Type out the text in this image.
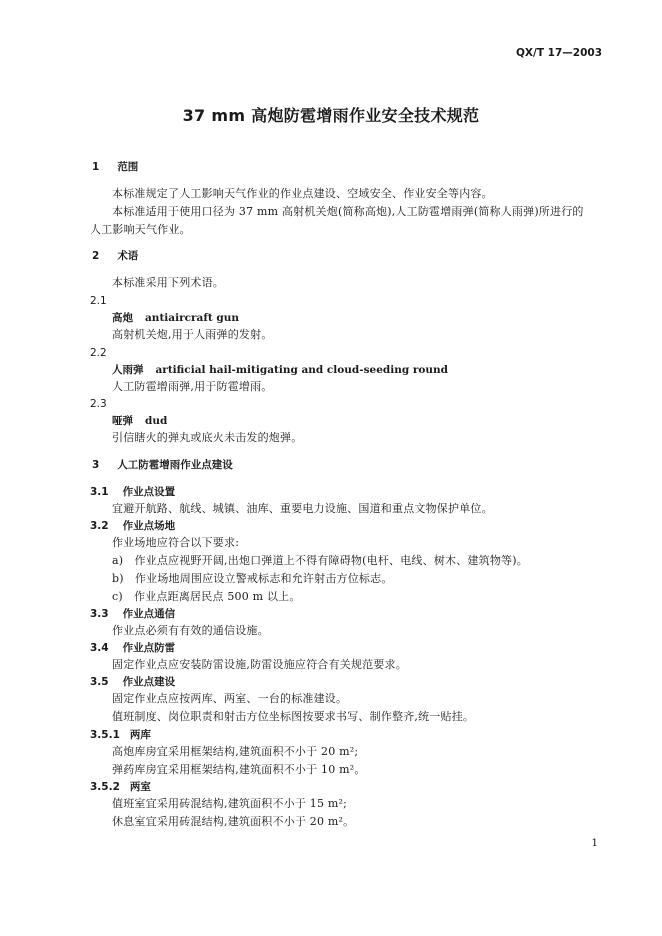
QX/T 17—2003
37 mm 高炮防雹增雨作业安全技术规范
1 范围
本标准规定了人工影响天气作业的作业点建设、空域安全、作业安全等内容。
本标准适用于使用口径为 37 mm 高射机关炮(简称高炮),人工防雹增雨弹(简称人雨弹)所进行的
人工影响天气作业。
2 术语
本标准采用下列术语。
2.1
高炮 antiaircraft gun
高射机关炮,用于人雨弹的发射。
2.2
人雨弹 artificial hail-mitigating and cloud-seeding round
人工防雹增雨弹,用于防雹增雨。
2.3
哑弹 dud
引信瞎火的弹丸或底火未击发的炮弹。
3 人工防雹增雨作业点建设
3.1 作业点设置
宜避开航路、航线、城镇、油库、重要电力设施、国道和重点文物保护单位。
3.2 作业点场地
作业场地应符合以下要求:
a)　作业点应视野开阔,出炮口弹道上不得有障碍物(电杆、电线、树木、建筑物等)。
b)　作业场地周围应设立警戒标志和允许射击方位标志。
c)　作业点距离居民点 500 m 以上。
3.3 作业点通信
作业点必须有有效的通信设施。
3.4 作业点防雷
固定作业点应安装防雷设施,防雷设施应符合有关规范要求。
3.5 作业点建设
固定作业点应按两库、两室、一台的标准建设。
值班制度、岗位职责和射击方位坐标图按要求书写、制作整齐,统一贴挂。
3.5.1 两库
高炮库房宜采用框架结构,建筑面积不小于 20 m²;
弹药库房宜采用框架结构,建筑面积不小于 10 m²。
3.5.2 两室
值班室宜采用砖混结构,建筑面积不小于 15 m²;
休息室宜采用砖混结构,建筑面积不小于 20 m²。
1
